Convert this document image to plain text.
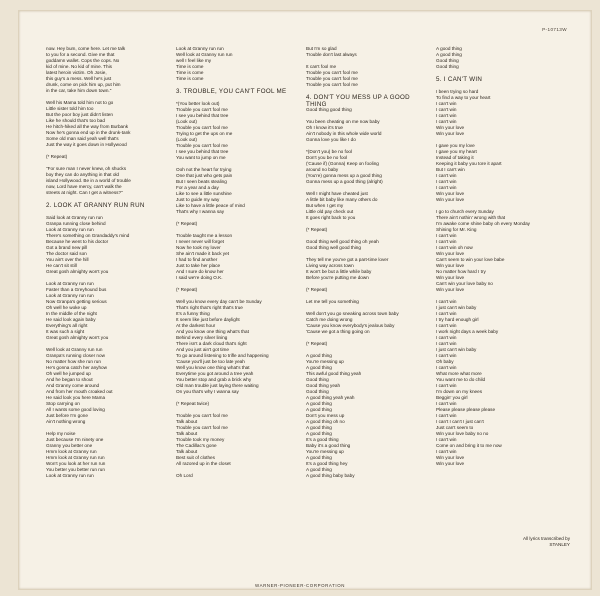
P-10713W
now. Hey bum, come here. Let me talk
to you for a second. Give me that
goddamn wallet. Cops the cops. No
kid of mine. No kid of mine. This
latest heroin victim. Oh Josie,
this guy's a mess. Well he's just
drunk, come on pick him up, put him
in the car, take him down town."
Well his Mama told him not to go
Little sister told him too
But the poor boy just didn't listen
Like he should that's too bad
He hitch-hiked all the way from Burbank
Now he's gonna end up in the drunk-tank
Some old man said yeah well that's
Just the way it goes down in Hollywood
(* Repeat)
"For sure man I never knew, oh shucks
boy they can do anything in that old
island Hollywood. Be in a world of trouble
now, Lord have mercy, can't walk the
streets at night. Can I get a witness?"
2. LOOK AT GRANNY RUN RUN
Said look at Granny run run
Granpa running close behind
Look at Granny run run
There's something on Grandaddy's mind
Because he went to his doctor
Got a brand new pill
The doctor said son
You ain't over the hill
He can't sit still
Great gosh almighty won't you
Look at Granny run run
Faster than a Greyhound bus
Look at Granny run run
Now Granpa's getting serious
Oh well he woke up
In the middle of the night
He said look again baby
Everything's all right
It was such a sight
Great gosh almighty won't you
Well look at Granny run run
Granpa's running closer now
No matter how she run run
He's gonna catch her anyhow
Oh well he jumped up
And he began to shout
And Granny come around
And from her mouth croaked out
He said look you here Mama
Stop carrying on
All I wants some good loving
Just before I'm gone
Ain't nothing wrong
Help my noise
Just because I'm ninety one
Granny you better one
Hmm look at Granny run
Hmm look at Granny run run
Won't you look at her run run
You better you better run run
Look at Granny run run
Look at Granny run run
Well look at Granny run run
well I feel like my
Time is come
Time is come
Time is come
3. TROUBLE, YOU CAN'T FOOL ME
*(You better look out)
Trouble you can't fool me
I see you behind that tree
(Look out)
Trouble you can't fool me
Trying to get the ups on me
(Look out)
Trouble you can't fool me
I see you behind that tree
You want to jump on me
Ooh not the heart for trying
One that just who gets pain
But I seen beats stealing
For a year and a day
Like to see a little sunshine
Just to guide my way
Like to have a little peace of mind
That's why I wanna say
(* Repeat)
Trouble taught me a lesson
I never never will forget
Now he took my lover
She ain't made it back yet
I had to find another
Just to take her place
And I sure do know her
I said we're doing O.K.
(* Repeat)
Well you know every day can't be Sunday
That's right that's right that's true
It's a funny thing
It seem like just before daylight
At the darkest hour
And you know one thing what's that
Behind every silver lining
There isn't a dark cloud that's right
And you just ain't got time
To go around listening to trifle and happening
'Cause you'll just be too late yeah
Well you know one thing what's that
Everytime you got around a tree yeah
You better stop and grab a brick why
Old man trouble just laying there waiting
On you that's why I wanna say
(* Repeat twice)
Trouble you can't fool me
Talk about
Trouble you can't fool me
Talk about
Trouble took my money
The Cadillac's gone
Talk about
Best suit of clothes
All razored up in the closet
Oh Lord
But I'm so glad
Trouble don't last always
It can't fool me
Trouble you can't fool me
Trouble you can't fool me
Trouble you can't fool me
4. DON'T YOU MESS UP A GOOD THING
Good thing good thing
You been cheating on me now baby
Oh I know it's true
Ain't nobody in this whole wide world
Gonna love you like I do
*(Don't you) be no fool
Don't you be no fool
('Cause if) (Gonna) Keep on fooling
around no baby
(You're) gonna mess up a good thing
Gonna mess up a good thing (alright)
Well I might have cheated just
A little bit baby like many others do
But when I get my
Little old pay check out
It goes right back to you
(* Repeat)
Good thing well good thing oh yeah
Good thing well good thing
They tell me you've got a part-time lover
Living way across town
It won't be but a little while baby
Before you're putting me down
(* Repeat)
Let me tell you something
Well don't you go sneaking across town baby
Catch me doing wrong
'Cause you know everybody's jealous baby
'Cause we got a thing going on
(* Repeat)
A good thing
You're messing up
A good thing
This awful good thing yeah
Good thing
Good thing yeah
Good thing
A good thing yeah yeah
A good thing
A good thing
Don't you mess up
A good thing oh no
A good thing
A good thing
It's a good thing
Baby it's a good thing
You're messing up
A good thing
It's a good thing hey
A good thing
A good thing baby baby
A good thing
A good thing
Good thing
Good thing
5. I CAN'T WIN
I been trying so hard
To find a way to your heart
I can't win
I can't win
I can't win
I can't win
Win your love
Win your love
I gave you my love
I gave you my heart
Instead of taking it
Keeping it baby you tore it apart
But I can't win
I can't win
I can't win
I can't win
Win your love
Win your love
I go to church every Sunday
There ain't nothin' wrong with that
I'm awake come shine baby oh every Monday
Shining for Mr. King
I can't win
I can't win
I can't win oh now
Win your love
Can't seem to win your love babe
Win your love
No matter how hard I try
Win your love
Can't win your love baby no
Win your love
I can't win
I just can't win baby
I can't win
I try hard enough girl
I can't win
I work night days a week baby
I can't win
I can't win
I just can't win baby
I can't win
Oh baby
I can't win
What more what more
You want me to do child
I can't win
I'm down on my knees
Beggin' you girl
I can't win
Please please please please
I can't win
I can't I can't I just can't
Just can't seem to
Win your love baby no no
I can't win
Come on and bring it to me now
I can't win
Win your love
Win your love
All lyrics transcribed by
STANLEY
WARNER-PIONEER-CORPORATION
